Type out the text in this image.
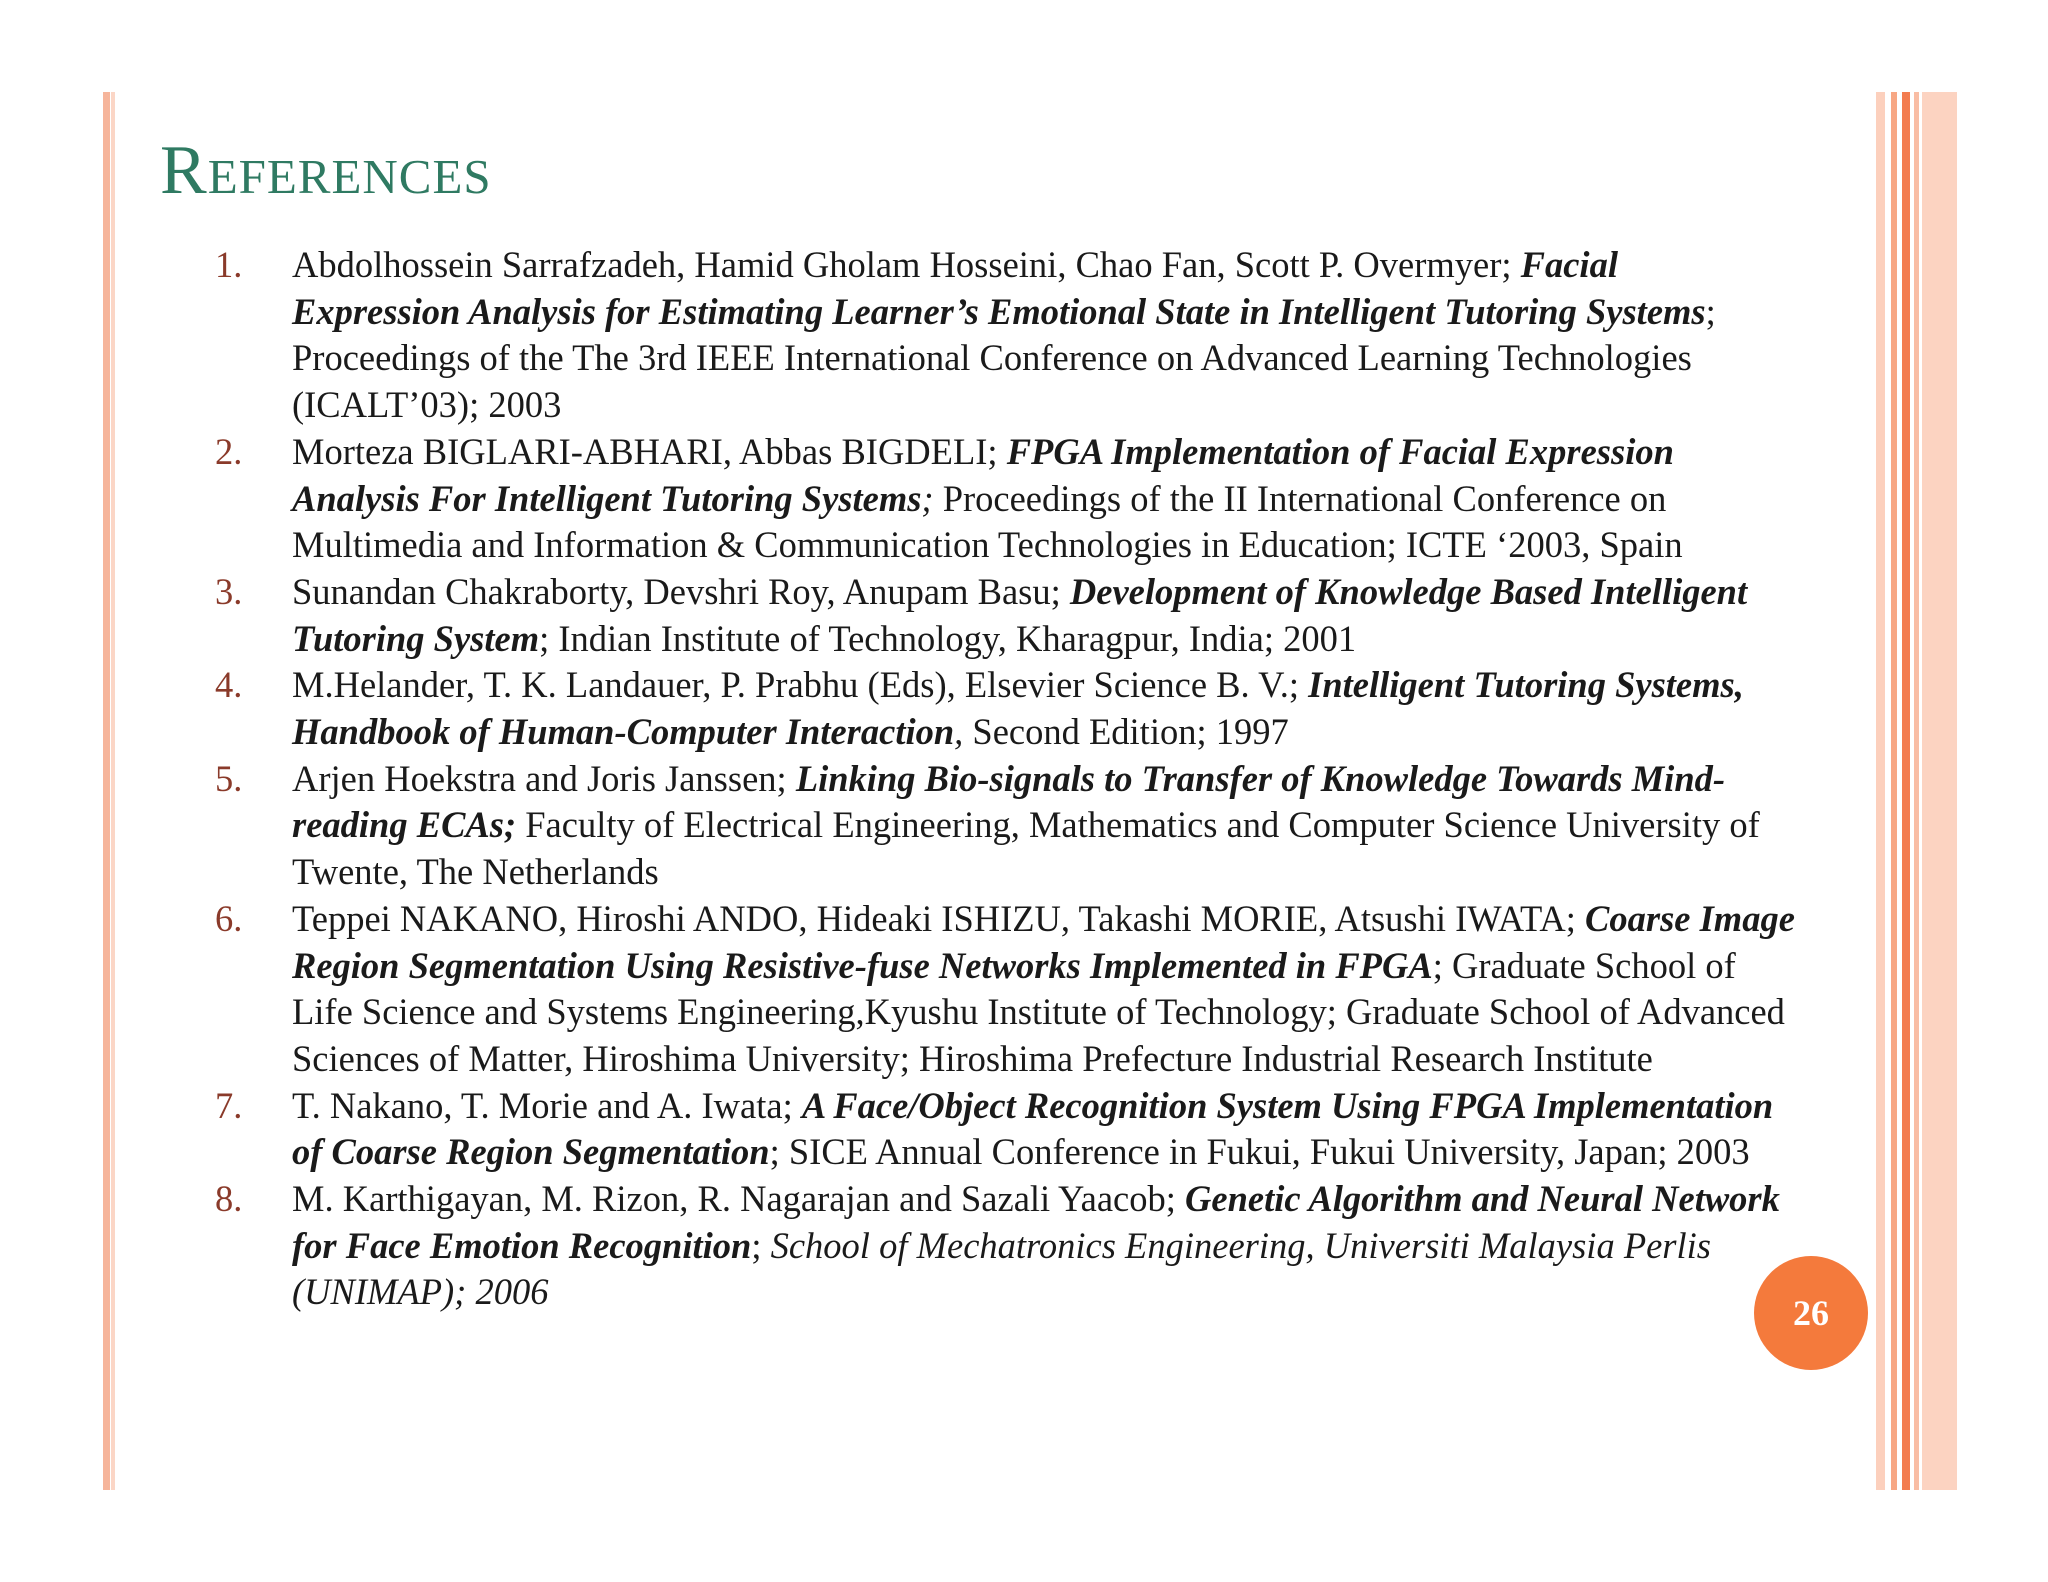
References
1. Abdolhossein Sarrafzadeh, Hamid Gholam Hosseini, Chao Fan, Scott P. Overmyer; Facial Expression Analysis for Estimating Learner’s Emotional State in Intelligent Tutoring Systems; Proceedings of the The 3rd IEEE International Conference on Advanced Learning Technologies (ICALT’03); 2003
2. Morteza BIGLARI-ABHARI, Abbas BIGDELI; FPGA Implementation of Facial Expression Analysis For Intelligent Tutoring Systems; Proceedings of the II International Conference on Multimedia and Information & Communication Technologies in Education; ICTE ‘2003, Spain
3. Sunandan Chakraborty, Devshri Roy, Anupam Basu; Development of Knowledge Based Intelligent Tutoring System; Indian Institute of Technology, Kharagpur, India; 2001
4. M.Helander, T. K. Landauer, P. Prabhu (Eds), Elsevier Science B. V.; Intelligent Tutoring Systems, Handbook of Human-Computer Interaction, Second Edition; 1997
5. Arjen Hoekstra and Joris Janssen; Linking Bio-signals to Transfer of Knowledge Towards Mind-reading ECAs; Faculty of Electrical Engineering, Mathematics and Computer Science University of Twente, The Netherlands
6. Teppei NAKANO, Hiroshi ANDO, Hideaki ISHIZU, Takashi MORIE, Atsushi IWATA; Coarse Image Region Segmentation Using Resistive-fuse Networks Implemented in FPGA; Graduate School of Life Science and Systems Engineering,Kyushu Institute of Technology; Graduate School of Advanced Sciences of Matter, Hiroshima University; Hiroshima Prefecture Industrial Research Institute
7. T. Nakano, T. Morie and A. Iwata; A Face/Object Recognition System Using FPGA Implementation of Coarse Region Segmentation; SICE Annual Conference in Fukui, Fukui University, Japan; 2003
8. M. Karthigayan, M. Rizon, R. Nagarajan and Sazali Yaacob; Genetic Algorithm and Neural Network for Face Emotion Recognition; School of Mechatronics Engineering, Universiti Malaysia Perlis (UNIMAP); 2006
26
